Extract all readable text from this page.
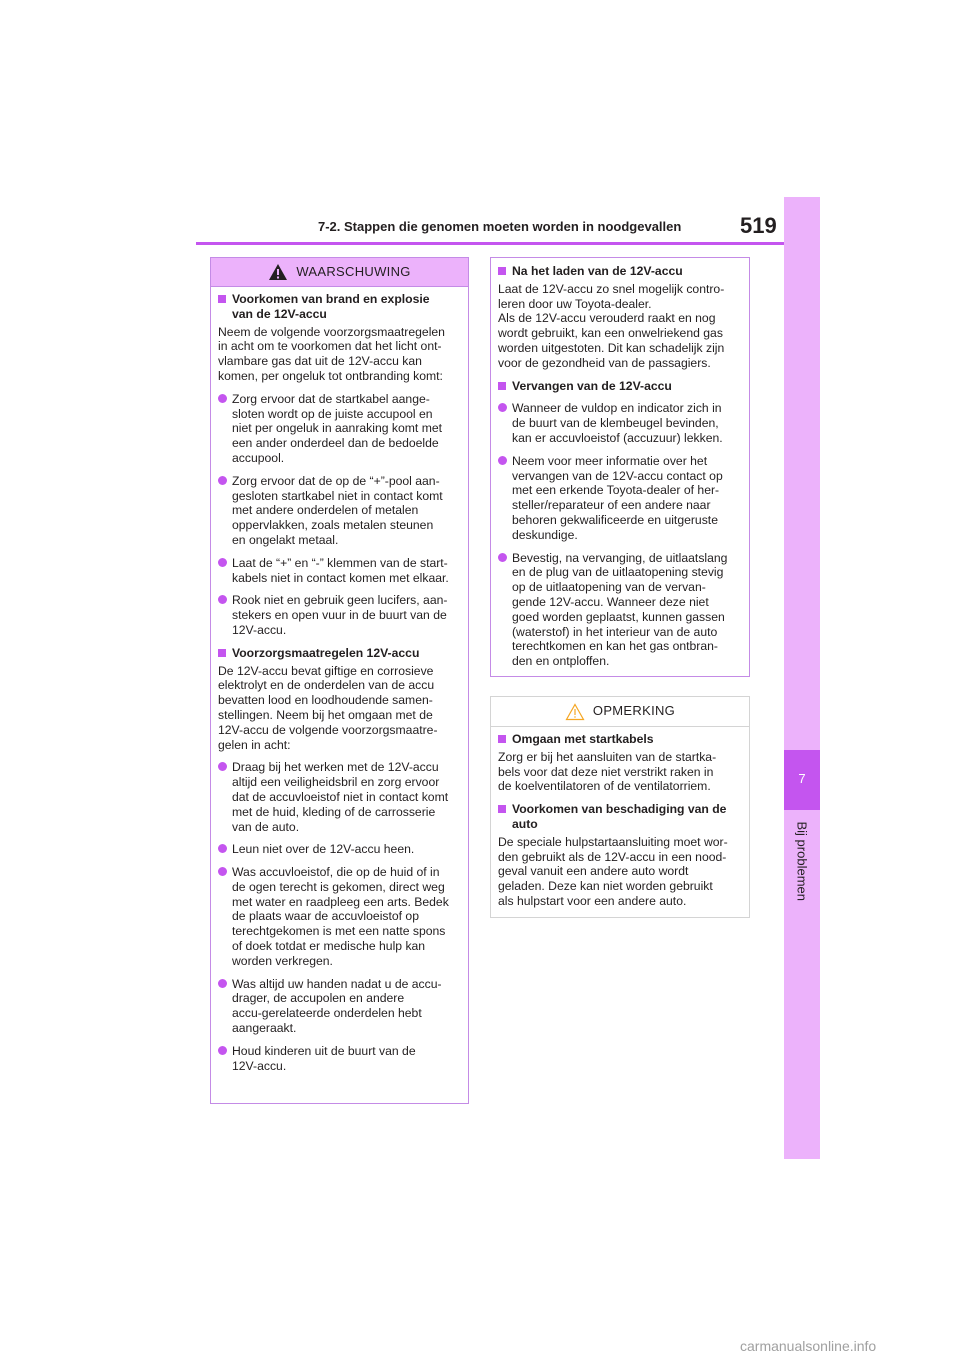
7
Bij problemen
7-2. Stappen die genomen moeten worden in noodgevallen	519
WAARSCHUWING
Voorkomen van brand en explosie
van de 12V-accu
Neem de volgende voorzorgsmaatregelen
in acht om te voorkomen dat het licht ont-
vlambare gas dat uit de 12V-accu kan
komen, per ongeluk tot ontbranding komt:
Zorg ervoor dat de startkabel aange-
sloten wordt op de juiste accupool en
niet per ongeluk in aanraking komt met
een ander onderdeel dan de bedoelde
accupool.
Zorg ervoor dat de op de “+”-pool aan-
gesloten startkabel niet in contact komt
met andere onderdelen of metalen
oppervlakken, zoals metalen steunen
en ongelakt metaal.
Laat de “+” en “-” klemmen van de start-
kabels niet in contact komen met elkaar.
Rook niet en gebruik geen lucifers, aan-
stekers en open vuur in de buurt van de
12V-accu.
Voorzorgsmaatregelen 12V-accu
De 12V-accu bevat giftige en corrosieve
elektrolyt en de onderdelen van de accu
bevatten lood en loodhoudende samen-
stellingen. Neem bij het omgaan met de
12V-accu de volgende voorzorgsmaatre-
gelen in acht:
Draag bij het werken met de 12V-accu
altijd een veiligheidsbril en zorg ervoor
dat de accuvloeistof niet in contact komt
met de huid, kleding of de carrosserie
van de auto.
Leun niet over de 12V-accu heen.
Was accuvloeistof, die op de huid of in
de ogen terecht is gekomen, direct weg
met water en raadpleeg een arts. Bedek
de plaats waar de accuvloeistof op
terechtgekomen is met een natte spons
of doek totdat er medische hulp kan
worden verkregen.
Was altijd uw handen nadat u de accu-
drager, de accupolen en andere
accu-gerelateerde onderdelen hebt
aangeraakt.
Houd kinderen uit de buurt van de
12V-accu.
Na het laden van de 12V-accu
Laat de 12V-accu zo snel mogelijk contro-
leren door uw Toyota-dealer.
Als de 12V-accu verouderd raakt en nog
wordt gebruikt, kan een onwelriekend gas
worden uitgestoten. Dit kan schadelijk zijn
voor de gezondheid van de passagiers.
Vervangen van de 12V-accu
Wanneer de vuldop en indicator zich in
de buurt van de klembeugel bevinden,
kan er accuvloeistof (accuzuur) lekken.
Neem voor meer informatie over het
vervangen van de 12V-accu contact op
met een erkende Toyota-dealer of her-
steller/reparateur of een andere naar
behoren gekwalificeerde en uitgeruste
deskundige.
Bevestig, na vervanging, de uitlaatslang
en de plug van de uitlaatopening stevig
op de uitlaatopening van de vervan-
gende 12V-accu. Wanneer deze niet
goed worden geplaatst, kunnen gassen
(waterstof) in het interieur van de auto
terechtkomen en kan het gas ontbran-
den en ontploffen.
OPMERKING
Omgaan met startkabels
Zorg er bij het aansluiten van de startka-
bels voor dat deze niet verstrikt raken in
de koelventilatoren of de ventilatorriem.
Voorkomen van beschadiging van de
auto
De speciale hulpstartaansluiting moet wor-
den gebruikt als de 12V-accu in een nood-
geval vanuit een andere auto wordt
geladen. Deze kan niet worden gebruikt
als hulpstart voor een andere auto.
carmanualsonline.info
